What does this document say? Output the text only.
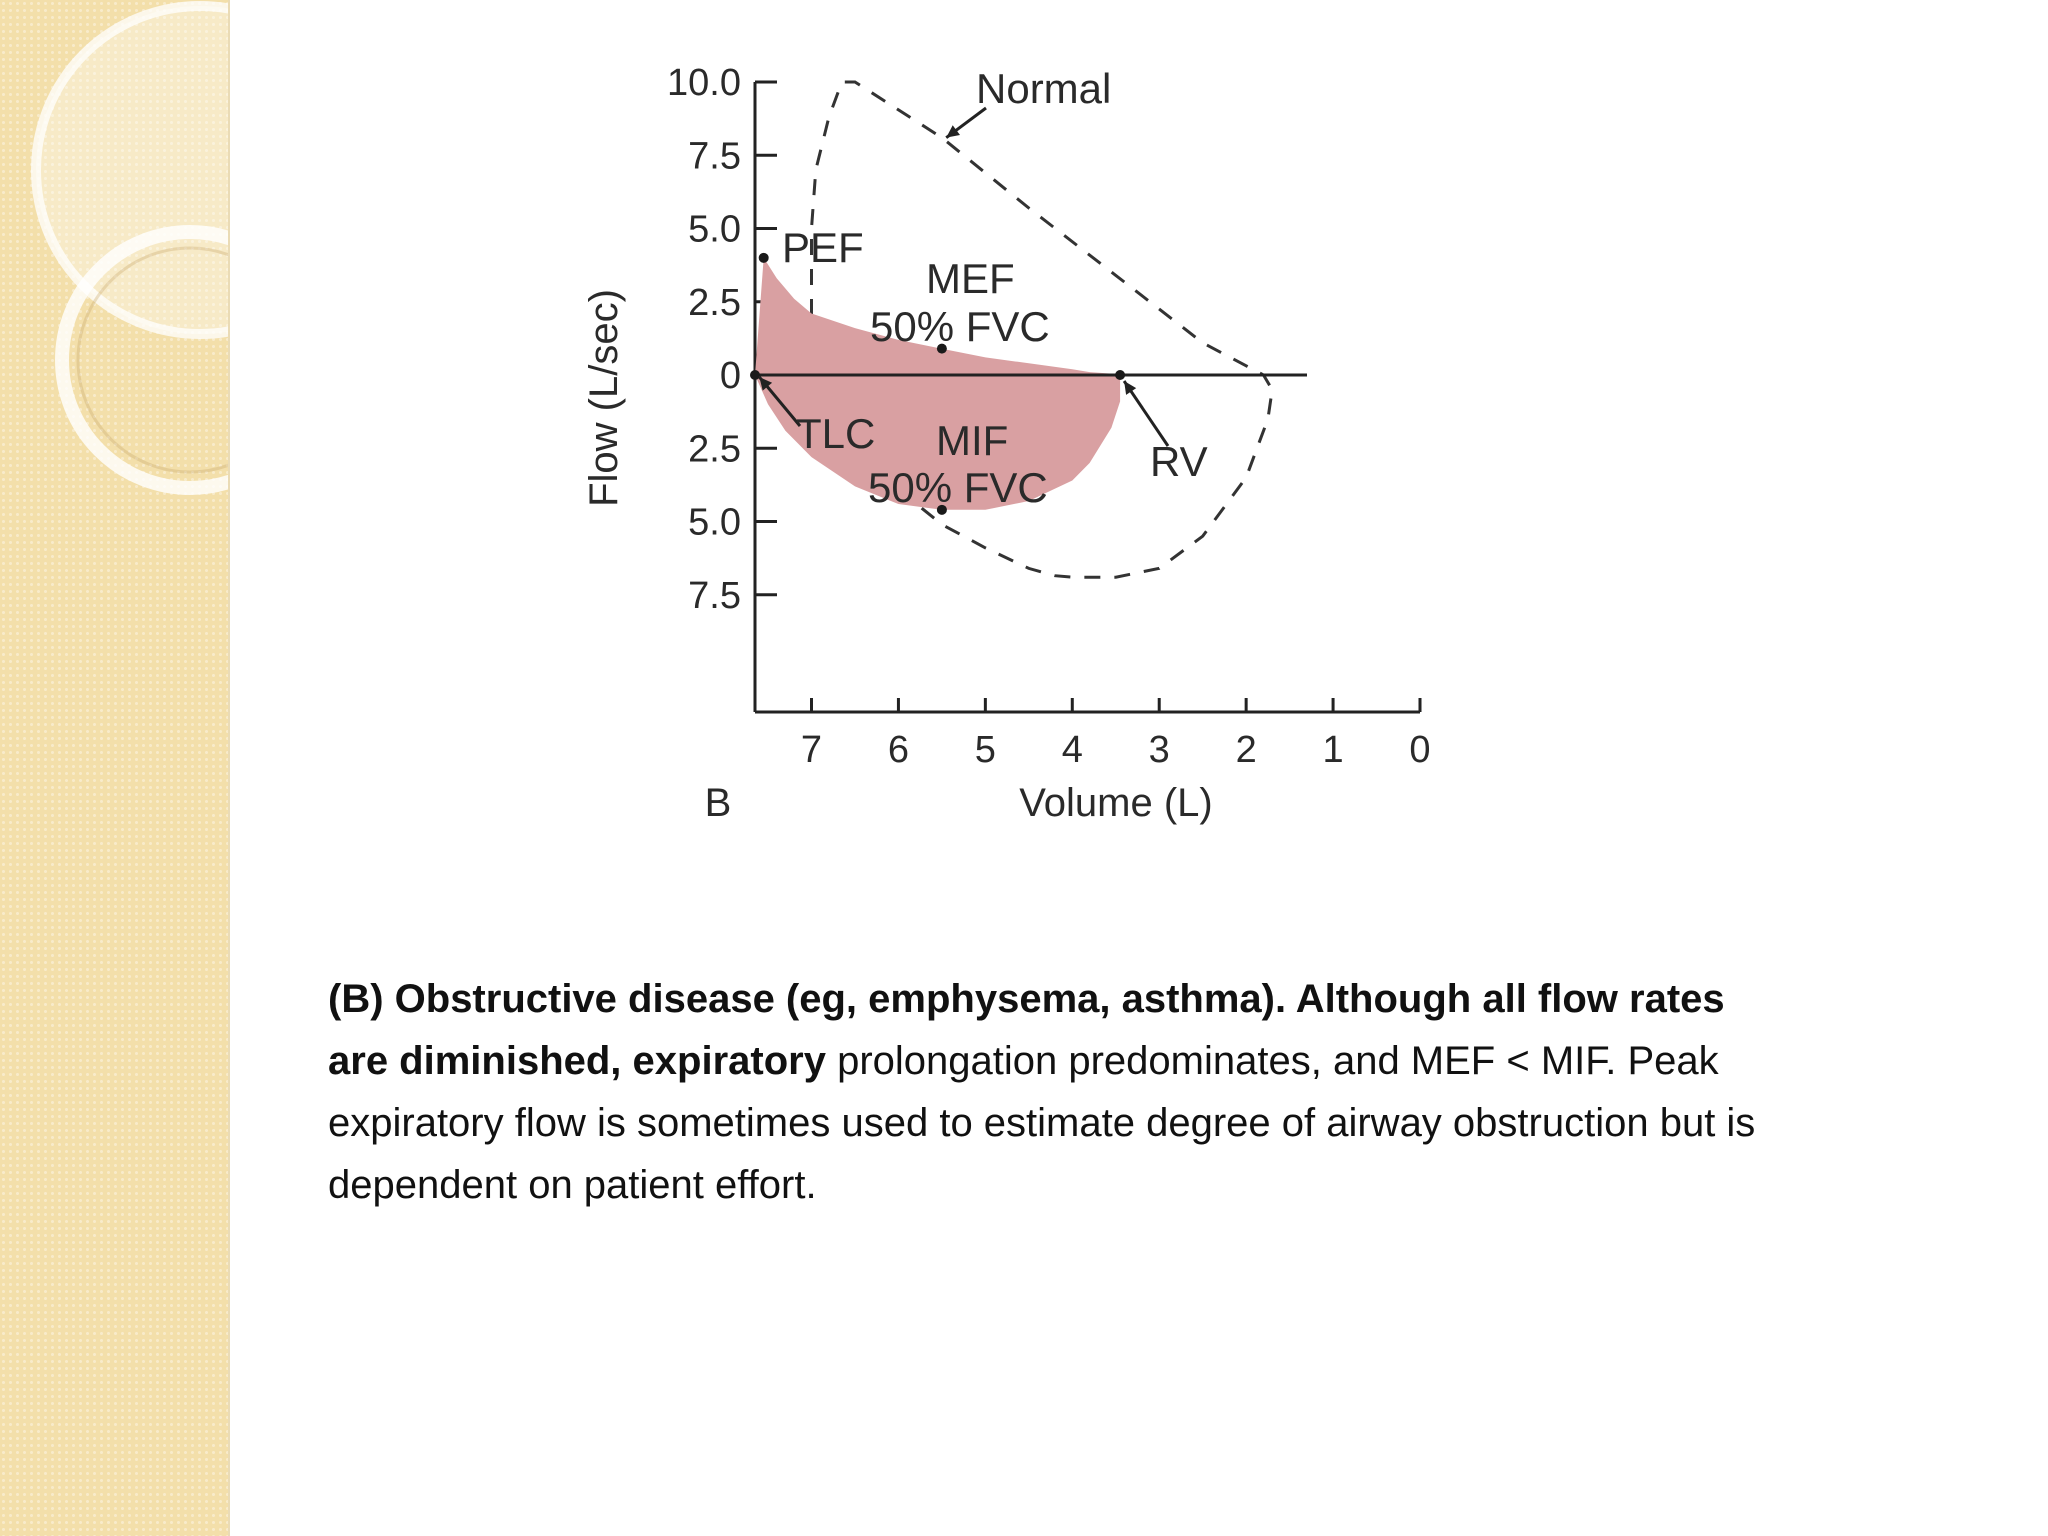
10.0
7.5
5.0
2.5
0
2.5
5.0
7.5
7 6 5 4 3 2 1 0
Flow (L/sec)
Volume (L)
B
Normal
PEF
MEF
50% FVC
TLC MIF
50% FVC
RV
(B) Obstructive disease (eg, emphysema, asthma). Although all flow rates are diminished, expiratory prolongation predominates, and MEF < MIF. Peak expiratory flow is sometimes used to estimate degree of airway obstruction but is dependent on patient effort.
